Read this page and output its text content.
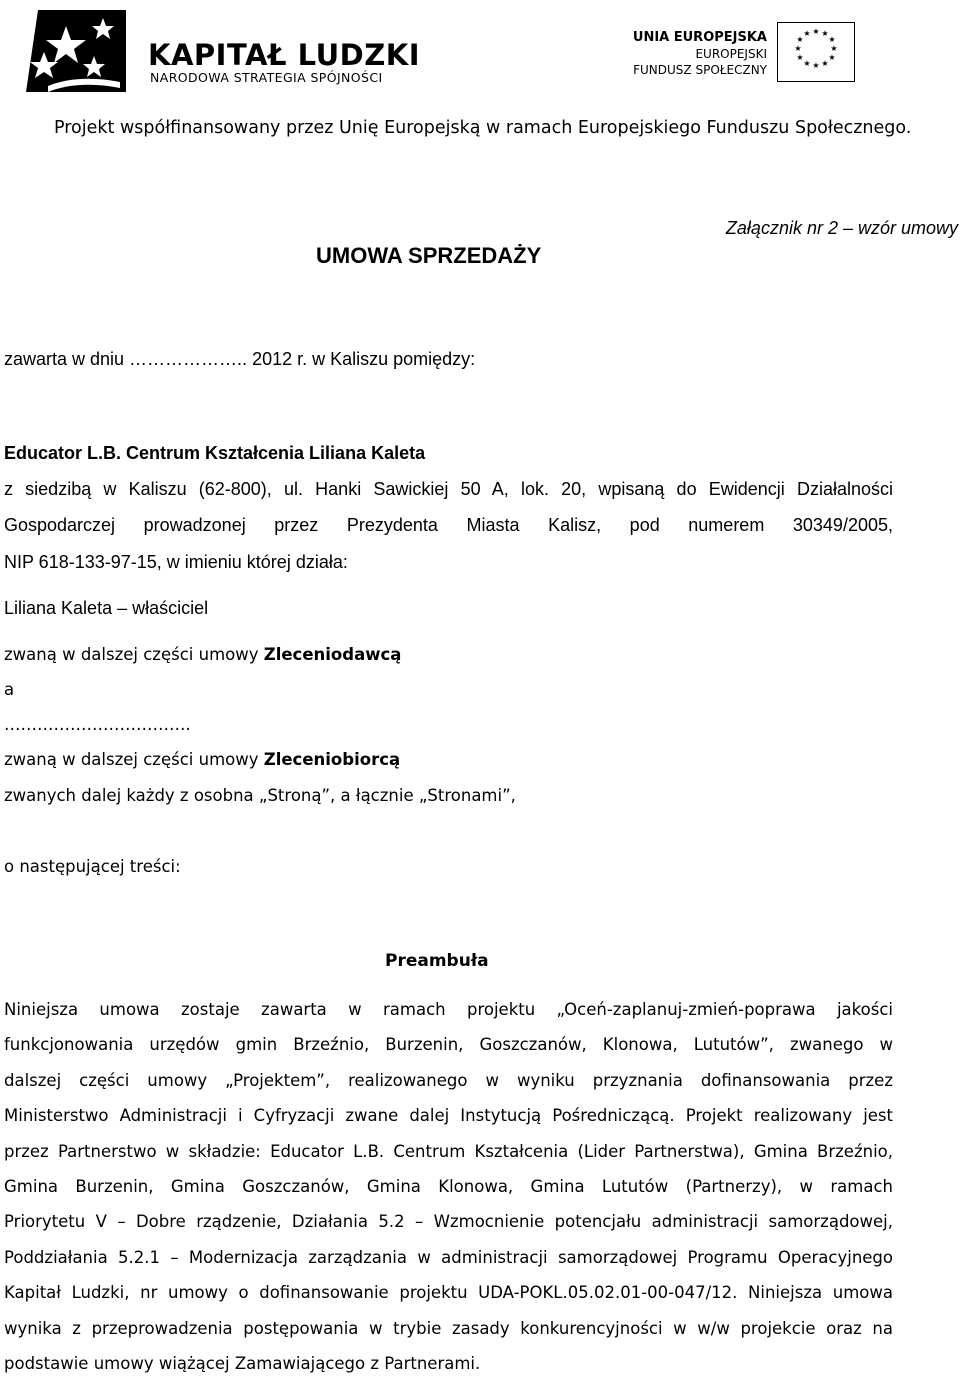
KAPITAŁ LUDZKI
NARODOWA STRATEGIA SPÓJNOŚCI
UNIA EUROPEJSKA
EUROPEJSKI
FUNDUSZ SPOŁECZNY
★ ★
★
★
★
★
★
★
★
★
★
★
Projekt współfinansowany przez Unię Europejską w ramach Europejskiego Funduszu Społecznego.
Załącznik nr 2 – wzór umowy
UMOWA SPRZEDAŻY
zawarta w dniu ……………….. 2012 r. w Kaliszu pomiędzy:
Educator L.B. Centrum Kształcenia Liliana Kaleta
z siedzibą w Kaliszu (62-800), ul. Hanki Sawickiej 50 A, lok. 20, wpisaną do Ewidencji Działalności
Gospodarczej prowadzonej przez Prezydenta Miasta Kalisz, pod numerem 30349/2005,
NIP 618-133-97-15, w imieniu której działa:
Liliana Kaleta – właściciel
zwaną w dalszej części umowy Zleceniodawcą
a
…………………………….
zwaną w dalszej części umowy Zleceniobiorcą
zwanych dalej każdy z osobna „Stroną”, a łącznie „Stronami”,
o następującej treści:
Preambuła
Niniejsza umowa zostaje zawarta w ramach projektu „Oceń-zaplanuj-zmień-poprawa jakości
funkcjonowania urzędów gmin Brzeźnio, Burzenin, Goszczanów, Klonowa, Lututów”, zwanego w
dalszej części umowy „Projektem”, realizowanego w wyniku przyznania dofinansowania przez
Ministerstwo Administracji i Cyfryzacji zwane dalej Instytucją Pośredniczącą. Projekt realizowany jest
przez Partnerstwo w składzie: Educator L.B. Centrum Kształcenia (Lider Partnerstwa), Gmina Brzeźnio,
Gmina Burzenin, Gmina Goszczanów, Gmina Klonowa, Gmina Lututów (Partnerzy), w ramach
Priorytetu V – Dobre rządzenie, Działania 5.2 – Wzmocnienie potencjału administracji samorządowej,
Poddziałania 5.2.1 – Modernizacja zarządzania w administracji samorządowej Programu Operacyjnego
Kapitał Ludzki, nr umowy o dofinansowanie projektu UDA-POKL.05.02.01-00-047/12. Niniejsza umowa
wynika z przeprowadzenia postępowania w trybie zasady konkurencyjności w w/w projekcie oraz na
podstawie umowy wiążącej Zamawiającego z Partnerami.
